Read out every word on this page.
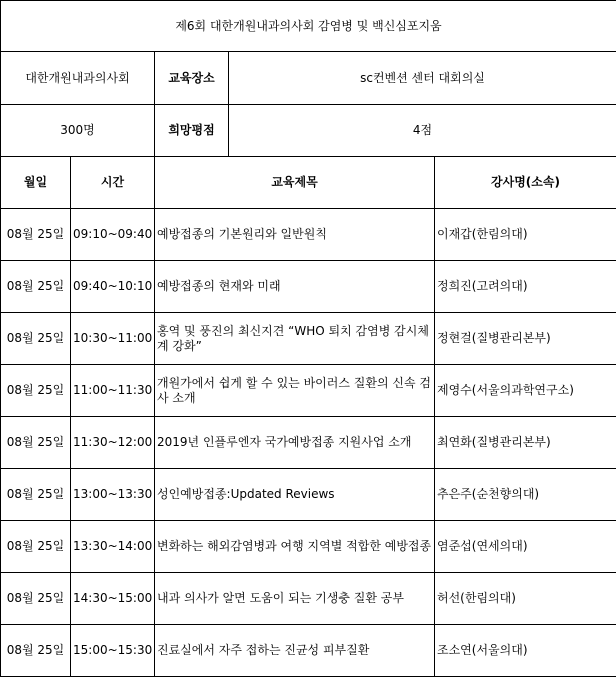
제6회 대한개원내과의사회 감염병 및 백신심포지움				
대한개원내과의사회		교육장소	sc컨벤션 센터 대회의실	
300명		희망평점	4점	
월일	시간	교육제목		강사명(소속)
08월 25일	09:10~09:40	예방접종의 기본원리와 일반원칙		이재갑(한림의대)
08월 25일	09:40~10:10	예방접종의 현재와 미래		정희진(고려의대)
08월 25일	10:30~11:00	홍역 및 풍진의 최신지견 “WHO 퇴치 감염병 감시체계 강화”		정현걸(질병관리본부)
08월 25일	11:00~11:30	개원가에서 쉽게 할 수 있는 바이러스 질환의 신속 검사 소개		제영수(서울의과학연구소)
08월 25일	11:30~12:00	2019년 인플루엔자 국가예방접종 지원사업 소개		최연화(질병관리본부)
08월 25일	13:00~13:30	성인예방접종:Updated Reviews		추은주(순천향의대)
08월 25일	13:30~14:00	변화하는 해외감염병과 여행 지역별 적합한 예방접종		염준섭(연세의대)
08월 25일	14:30~15:00	내과 의사가 알면 도움이 되는 기생충 질환 공부		허선(한림의대)
08월 25일	15:00~15:30	진료실에서 자주 접하는 진균성 피부질환		조소연(서울의대)
